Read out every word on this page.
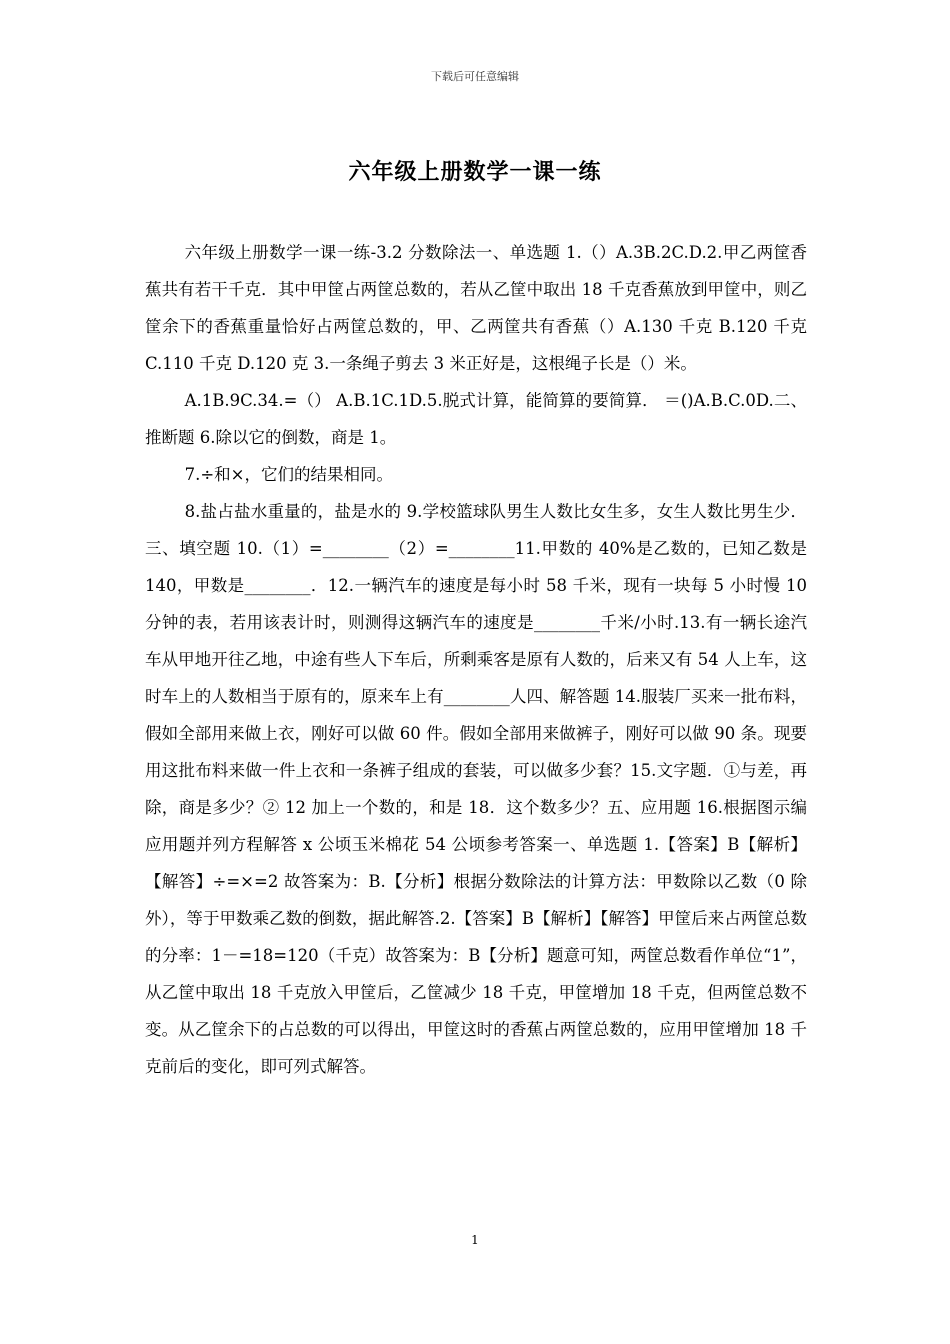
下载后可任意编辑
六年级上册数学一课一练

六年级上册数学一课一练-3.2 分数除法一、单选题 1.（）A.3B.2C.D.2.甲乙两筐香蕉共有若干千克．其中甲筐占两筐总数的，若从乙筐中取出 18 千克香蕉放到甲筐中，则乙筐余下的香蕉重量恰好占两筐总数的，甲、乙两筐共有香蕉（）A.130 千克 B.120 千克 C.110 千克 D.120 克 3.一条绳子剪去 3 米正好是，这根绳子长是（）米。

A.1B.9C.34.=（） A.B.1C.1D.5.脱式计算，能简算的要简算． ＝()A.B.C.0D.二、推断题 6.除以它的倒数，商是 1。

7.÷和×，它们的结果相同。

8.盐占盐水重量的，盐是水的 9.学校篮球队男生人数比女生多，女生人数比男生少．三、填空题 10.（1）=________（2）=________11.甲数的 40%是乙数的，已知乙数是 140，甲数是________．12.一辆汽车的速度是每小时 58 千米，现有一块每 5 小时慢 10 分钟的表，若用该表计时，则测得这辆汽车的速度是________千米/小时.13.有一辆长途汽车从甲地开往乙地，中途有些人下车后，所剩乘客是原有人数的，后来又有 54 人上车，这时车上的人数相当于原有的，原来车上有________人四、解答题 14.服装厂买来一批布料，假如全部用来做上衣，刚好可以做 60 件。假如全部用来做裤子，刚好可以做 90 条。现要用这批布料来做一件上衣和一条裤子组成的套装，可以做多少套？15.文字题．①与差，再除，商是多少？② 12 加上一个数的，和是 18．这个数多少？五、应用题 16.根据图示编应用题并列方程解答 x 公顷玉米棉花 54 公顷参考答案一、单选题 1.【答案】B【解析】【解答】÷=×=2 故答案为：B.【分析】根据分数除法的计算方法：甲数除以乙数（0 除外），等于甲数乘乙数的倒数，据此解答.2.【答案】B【解析】【解答】甲筐后来占两筐总数的分率：1－=18=120（千克）故答案为：B【分析】题意可知，两筐总数看作单位“1”，从乙筐中取出 18 千克放入甲筐后，乙筐减少 18 千克，甲筐增加 18 千克，但两筐总数不变。从乙筐余下的占总数的可以得出，甲筐这时的香蕉占两筐总数的，应用甲筐增加 18 千克前后的变化，即可列式解答。

1
